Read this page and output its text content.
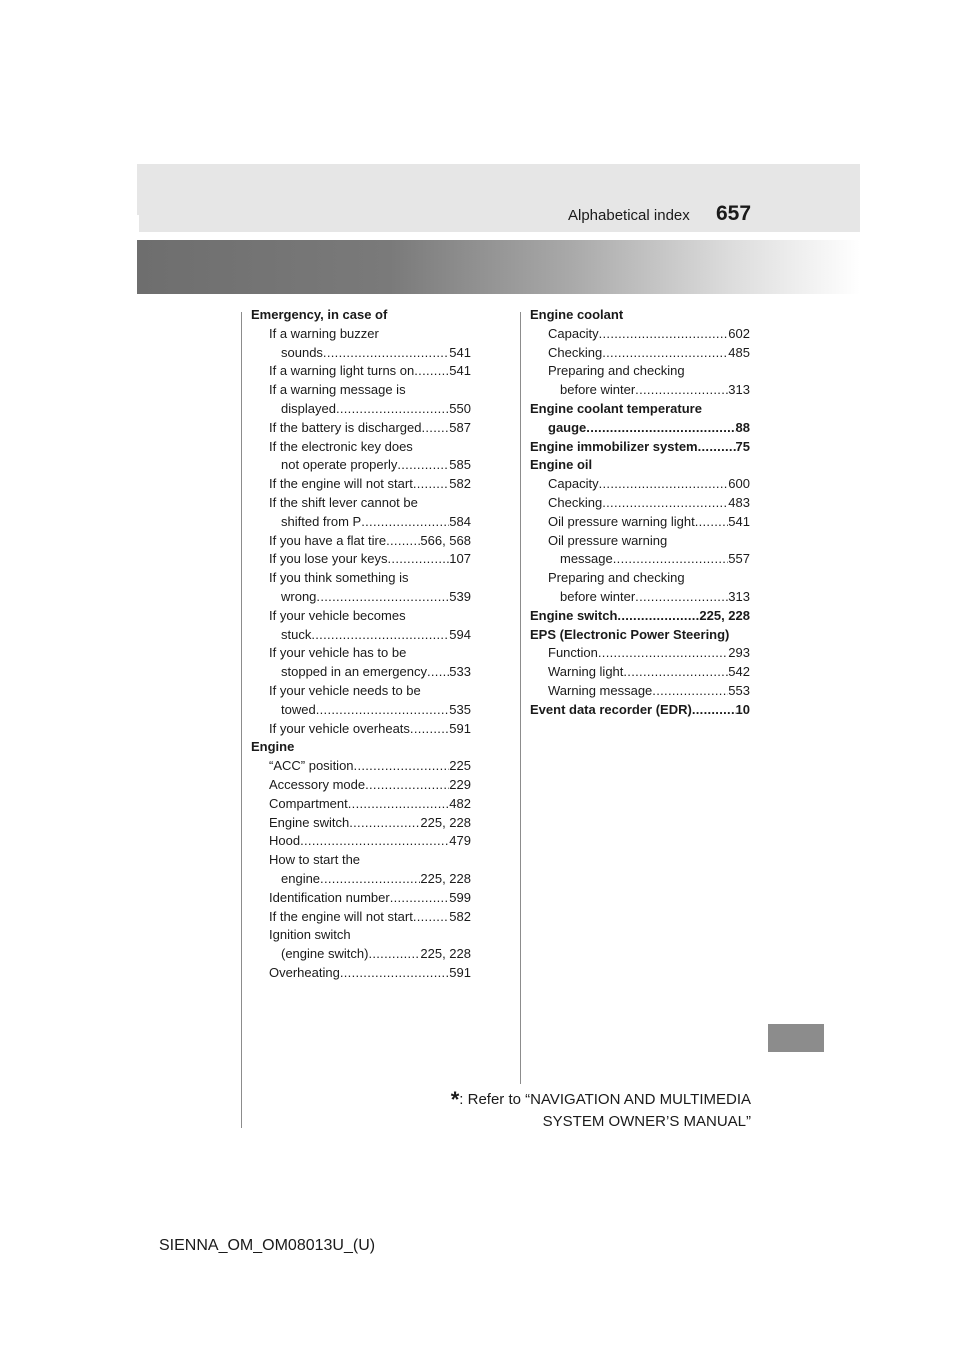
Alphabetical index 657
Emergency, in case of
If a warning buzzer
sounds .....	541
If a warning light turns on .....	541
If a warning message is
displayed .....	550
If the battery is discharged ..... 587
If the electronic key does
not operate properly .....	585
If the engine will not start .....	582
If the shift lever cannot be
shifted from P .....	584
If you have a flat tire .....	566, 568
If you lose your keys .....	107
If you think something is
wrong .....	539
If your vehicle becomes
stuck .....	594
If your vehicle has to be
stopped in an emergency ..... 533
If your vehicle needs to be
towed .....	535
If your vehicle overheats .....	591
Engine
“ACC” position .....	225
Accessory mode .....	229
Compartment .....	482
Engine switch .....	225, 228
Hood .....	479
How to start the
engine .....	225, 228
Identification number .....	599
If the engine will not start .....	582
Ignition switch
(engine switch) .....	225, 228
Overheating .....	591
Engine coolant
Capacity .....	602
Checking .....	485
Preparing and checking
before winter .....	313
Engine coolant temperature
gauge .....	88
Engine immobilizer system .....	75
Engine oil
Capacity .....	600
Checking .....	483
Oil pressure warning light .....	541
Oil pressure warning
message .....	557
Preparing and checking
before winter .....	313
Engine switch .....	225, 228
EPS (Electronic Power Steering)
Function .....	293
Warning light .....	542
Warning message .....	553
Event data recorder (EDR) .....	10
*: Refer to “NAVIGATION AND MULTIMEDIA
SYSTEM OWNER’S MANUAL”
SIENNA_OM_OM08013U_(U)
